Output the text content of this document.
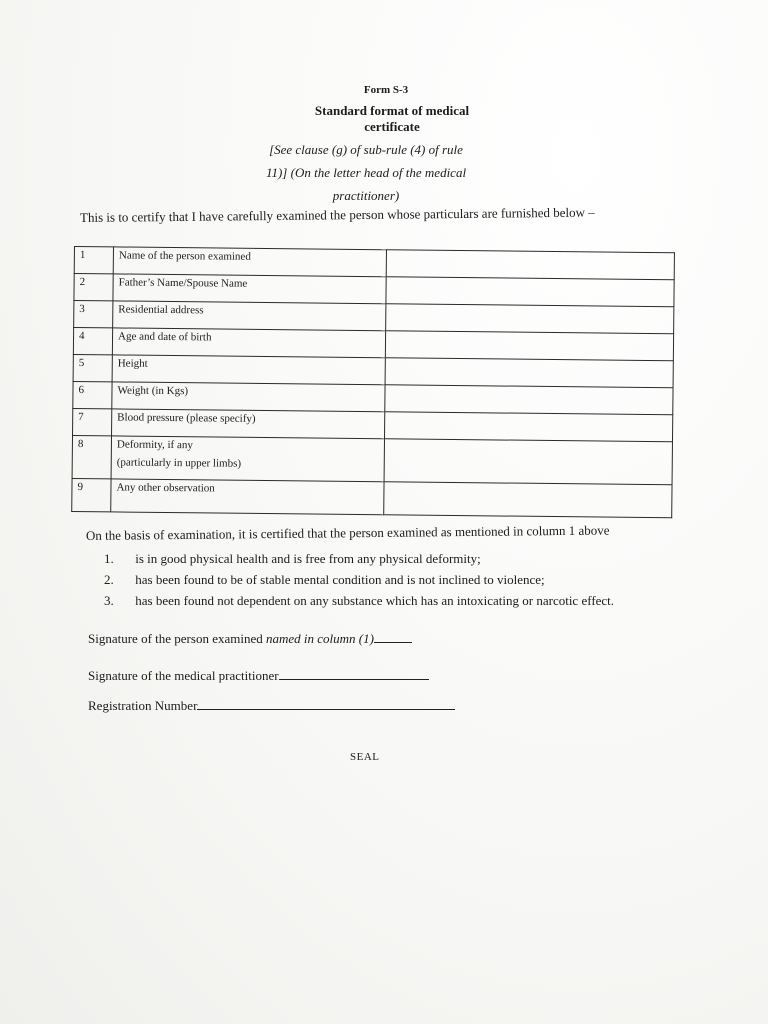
Form S-3
Standard format of medical
certificate
[See clause (g) of sub-rule (4) of rule
11)] (On the letter head of the medical
practitioner)
This is to certify that I have carefully examined the person whose particulars are furnished below –
1	Name of the person examined	
2	Father’s Name/Spouse Name	
3	Residential address	
4	Age and date of birth	
5	Height	
6	Weight (in Kgs)	
7	Blood pressure (please specify)	
8	Deformity, if any
(particularly in upper limbs)	

9	Any other observation	
On the basis of examination, it is certified that the person examined as mentioned in column 1 above
1. is in good physical health and is free from any physical deformity;
2. has been found to be of stable mental condition and is not inclined to violence;
3. has been found not dependent on any substance which has an intoxicating or narcotic effect.
Signature of the person examined named in column (1)
Signature of the medical practitioner
Registration Number
SEAL
